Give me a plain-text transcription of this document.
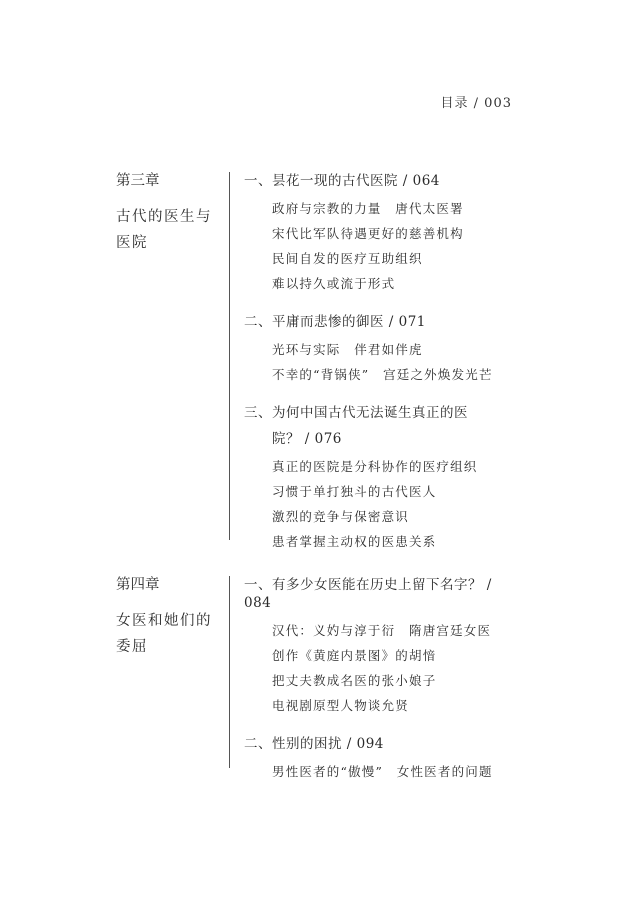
目录 / 003
第三章
古代的医生与
医院
一、昙花一现的古代医院 / 064
政府与宗教的力量　唐代太医署
宋代比军队待遇更好的慈善机构
民间自发的医疗互助组织
难以持久或流于形式
二、平庸而悲惨的御医 / 071
光环与实际　伴君如伴虎
不幸的“背锅侠”　宫廷之外焕发光芒
三、为何中国古代无法诞生真正的医
院？ / 076
真正的医院是分科协作的医疗组织
习惯于单打独斗的古代医人
激烈的竞争与保密意识
患者掌握主动权的医患关系
第四章
女医和她们的
委屈
一、有多少女医能在历史上留下名字？ / 084
汉代：义妁与淳于衍　隋唐宫廷女医
创作《黄庭内景图》的胡愔
把丈夫教成名医的张小娘子
电视剧原型人物谈允贤
二、性别的困扰 / 094
男性医者的“傲慢”　女性医者的问题
